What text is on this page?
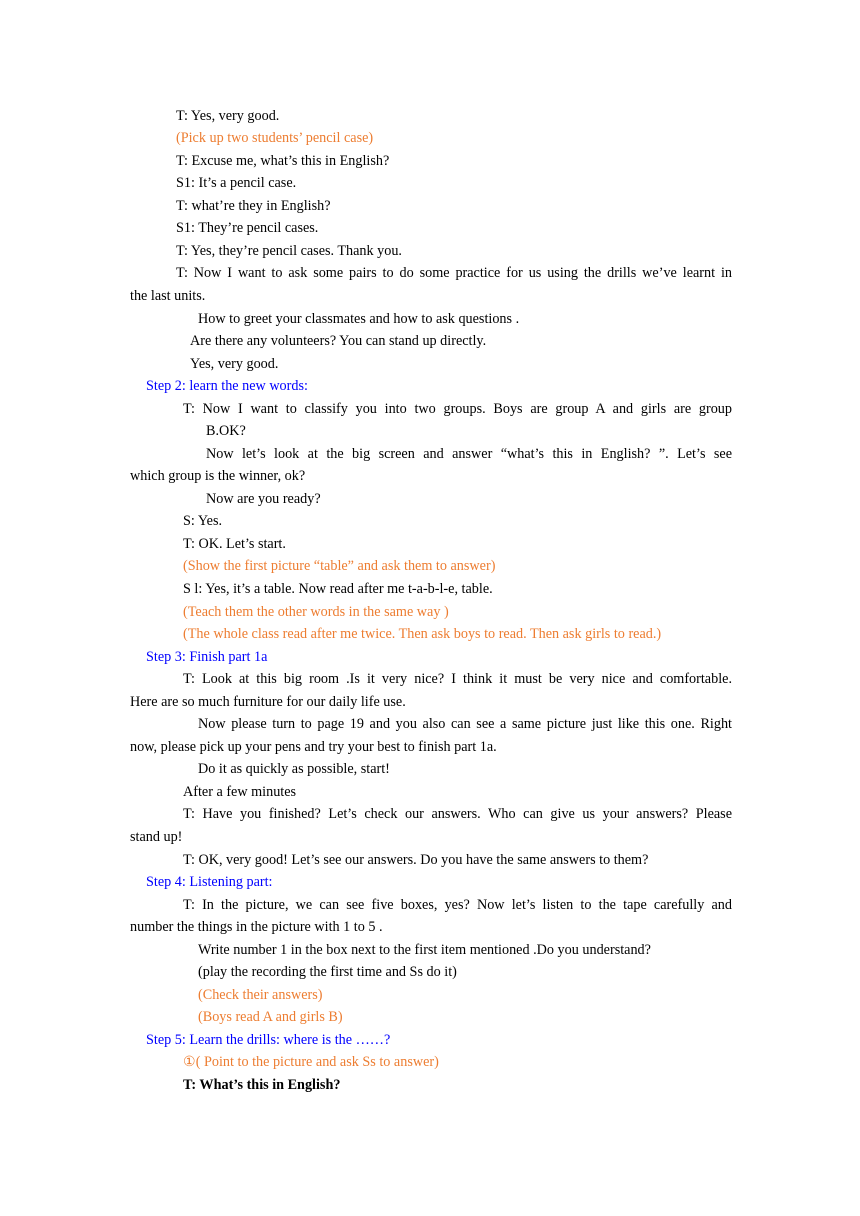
T: Yes, very good.
(Pick up two students’ pencil case)
T: Excuse me, what’s this in English?
S1: It’s a pencil case.
T: what’re they in English?
S1: They’re pencil cases.
T: Yes, they’re pencil cases. Thank you.
T: Now I want to ask some pairs to do some practice for us using the drills we’ve learnt in
the last units.
How to greet your classmates and how to ask questions .
Are there any volunteers? You can stand up directly.
Yes, very good.
Step 2: learn the new words:
T: Now I want to classify you into two groups. Boys are group A and girls are group
B.OK?
Now let’s look at the big screen and answer “what’s this in English? ”. Let’s see
which group is the winner, ok?
Now are you ready?
S: Yes.
T: OK. Let’s start.
(Show the first picture “table” and ask them to answer)
S l: Yes, it’s a table. Now read after me t-a-b-l-e, table.
(Teach them the other words in the same way )
(The whole class read after me twice. Then ask boys to read. Then ask girls to read.)
Step 3: Finish part 1a
T: Look at this big room .Is it very nice? I think it must be very nice and comfortable.
Here are so much furniture for our daily life use.
Now please turn to page 19 and you also can see a same picture just like this one. Right
now, please pick up your pens and try your best to finish part 1a.
Do it as quickly as possible, start!
After a few minutes
T: Have you finished? Let’s check our answers. Who can give us your answers? Please
stand up!
T: OK, very good! Let’s see our answers. Do you have the same answers to them?
Step 4: Listening part:
T: In the picture, we can see five boxes, yes? Now let’s listen to the tape carefully and
number the things in the picture with 1 to 5 .
Write number 1 in the box next to the first item mentioned .Do you understand?
(play the recording the first time and Ss do it)
(Check their answers)
(Boys read A and girls B)
Step 5: Learn the drills: where is the ……?
①( Point to the picture and ask Ss to answer)
T: What’s this in English?
